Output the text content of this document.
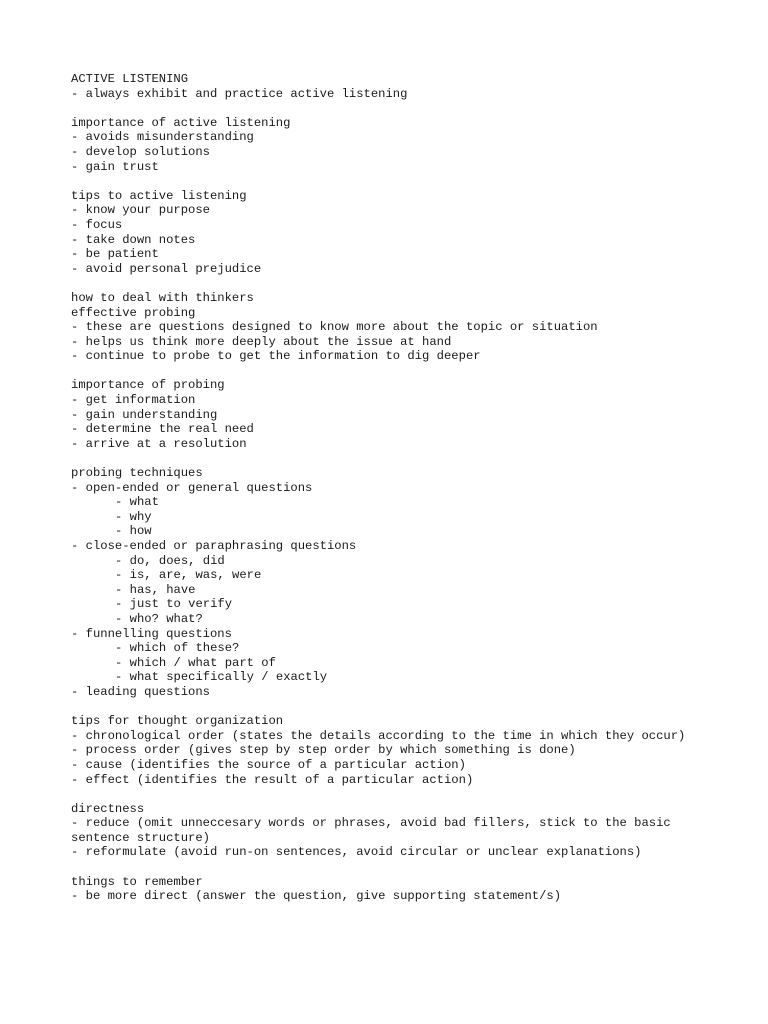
ACTIVE LISTENING
- always exhibit and practice active listening
importance of active listening
- avoids misunderstanding
- develop solutions
- gain trust
tips to active listening
- know your purpose
- focus
- take down notes
- be patient
- avoid personal prejudice
how to deal with thinkers
effective probing
- these are questions designed to know more about the topic or situation
- helps us think more deeply about the issue at hand
- continue to probe to get the information to dig deeper
importance of probing
- get information
- gain understanding
- determine the real need
- arrive at a resolution
probing techniques
- open-ended or general questions
- what
- why
- how
- close-ended or paraphrasing questions
- do, does, did
- is, are, was, were
- has, have
- just to verify
- who? what?
- funnelling questions
- which of these?
- which / what part of
- what specifically / exactly
- leading questions
tips for thought organization
- chronological order (states the details according to the time in which they occur)
- process order (gives step by step order by which something is done)
- cause (identifies the source of a particular action)
- effect (identifies the result of a particular action)
directness
- reduce (omit unneccesary words or phrases, avoid bad fillers, stick to the basic sentence structure)
- reformulate (avoid run-on sentences, avoid circular or unclear explanations)
things to remember
- be more direct (answer the question, give supporting statement/s)
